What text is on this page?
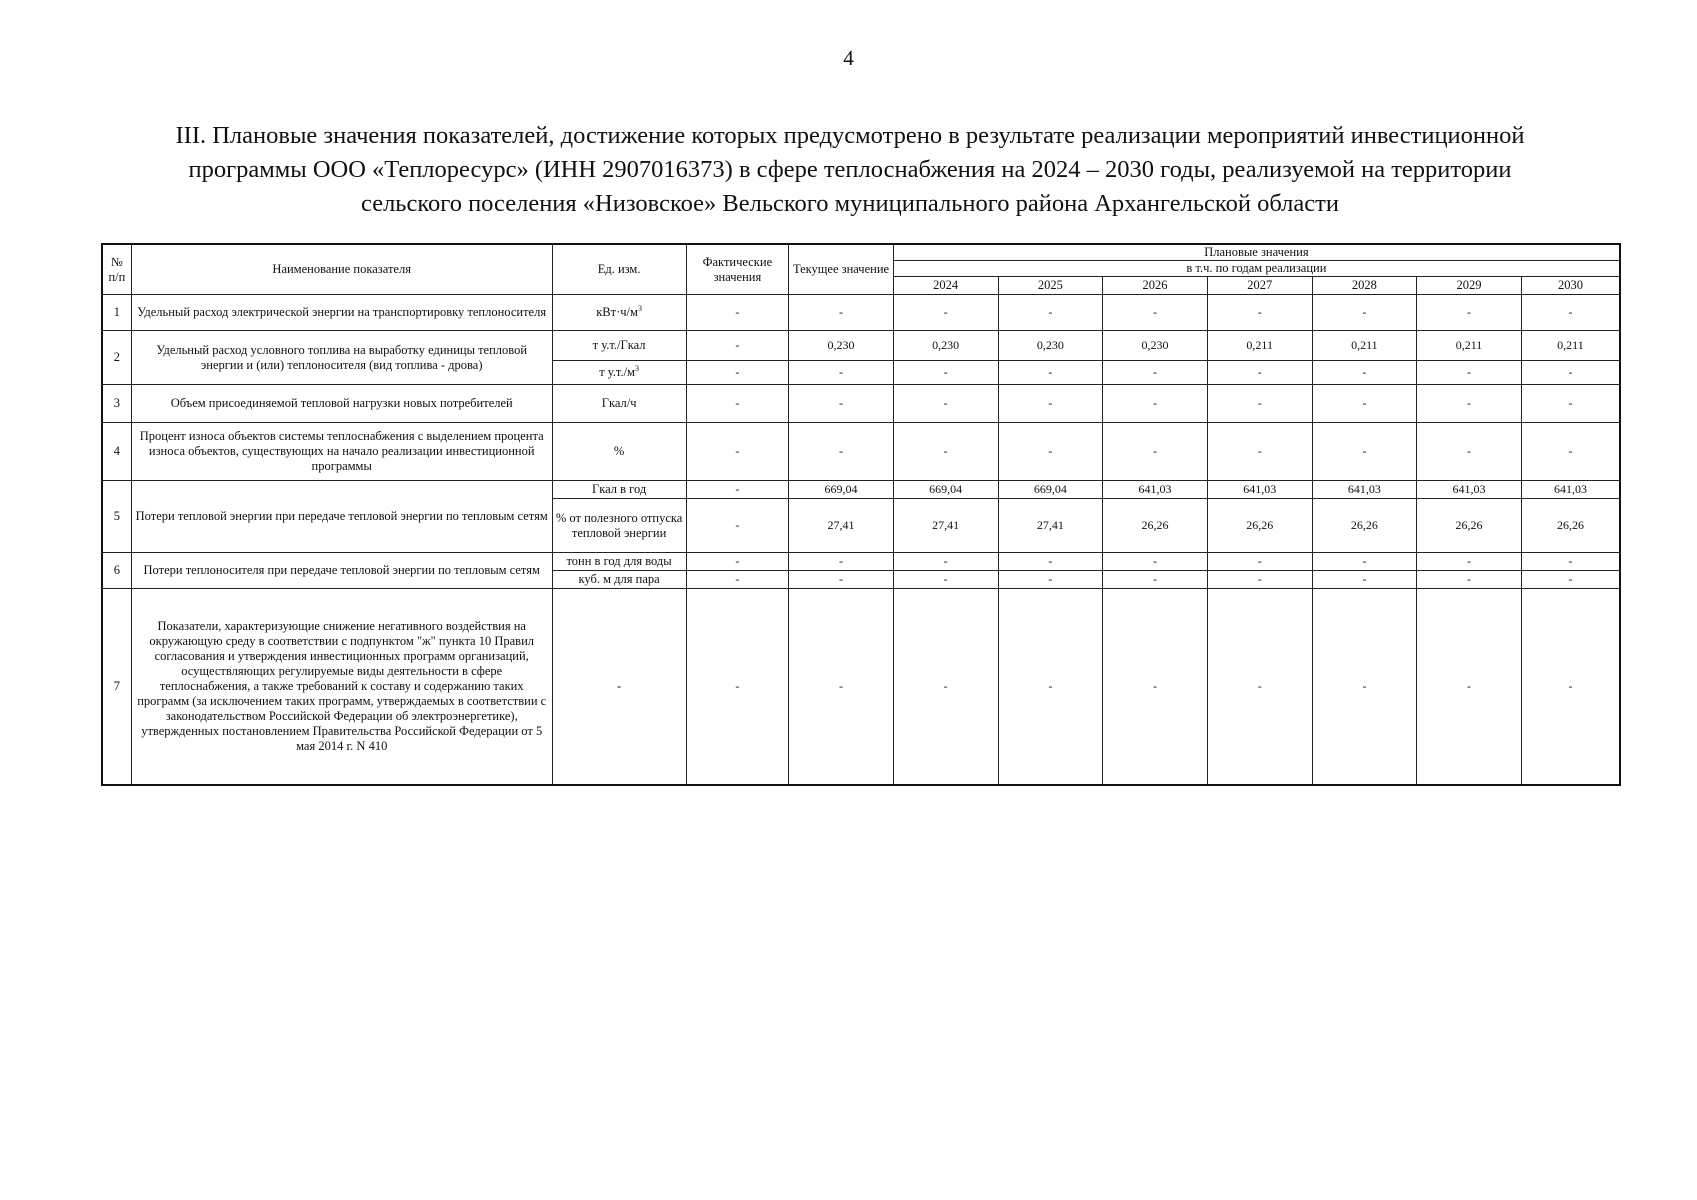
4
III. Плановые значения показателей, достижение которых предусмотрено в результате реализации мероприятий инвестиционной
программы ООО «Теплоресурс» (ИНН 2907016373) в сфере теплоснабжения на 2024 – 2030 годы, реализуемой на территории
сельского поселения «Низовское» Вельского муниципального района Архангельской области
№ п/п	Наименование показателя	Ед. изм.	Фактические значения	Текущее значение	Плановые значения						
					в т.ч. по годам реализации						
					2024	2025	2026	2027	2028	2029	2030
1	Удельный расход электрической энергии на транспортировку теплоносителя	$кВт\cdot ч/м^3$	-	-	-	-	-	-	-	-	-
2	Удельный расход условного топлива на выработку единицы тепловой энергии и (или) теплоносителя (вид топлива - дрова)	т у.т./Гкал	-	0,230	0,230	0,230	0,230	0,211	0,211	0,211	0,211
		т $у.т./м^3$	-	-	-	-	-	-	-	-	-
3	Объем присоединяемой тепловой нагрузки новых потребителей	Гкал/ч	-	-	-	-	-	-	-	-	-
4	Процент износа объектов системы теплоснабжения с выделением процента износа объектов, существующих на начало реализации инвестиционной программы	%	-	-	-	-	-	-	-	-	-
5	Потери тепловой энергии при передаче тепловой энергии по тепловым сетям	Гкал в год	-	669,04	669,04	669,04	641,03	641,03	641,03	641,03	641,03
		% от полезного отпуска тепловой энергии	-	27,41	27,41	27,41	26,26	26,26	26,26	26,26	26,26
6	Потери теплоносителя при передаче тепловой энергии по тепловым сетям	тонн в год для воды	-	-	-	-	-	-	-	-	-
		куб. м для пара	-	-	-	-	-	-	-	-	-
7	Показатели, характеризующие снижение негативного воздействия на окружающую среду в соответствии с подпунктом "ж" пункта 10 Правил согласования и утверждения инвестиционных программ организаций, осуществляющих регулируемые виды деятельности в сфере теплоснабжения, а также требований к составу и содержанию таких программ (за исключением таких программ, утверждаемых в соответствии с законодательством Российской Федерации об электроэнергетике), утвержденных постановлением Правительства Российской Федерации от 5 мая 2014 г. N 410	-	-	-	-	-	-	-	-	-	-
